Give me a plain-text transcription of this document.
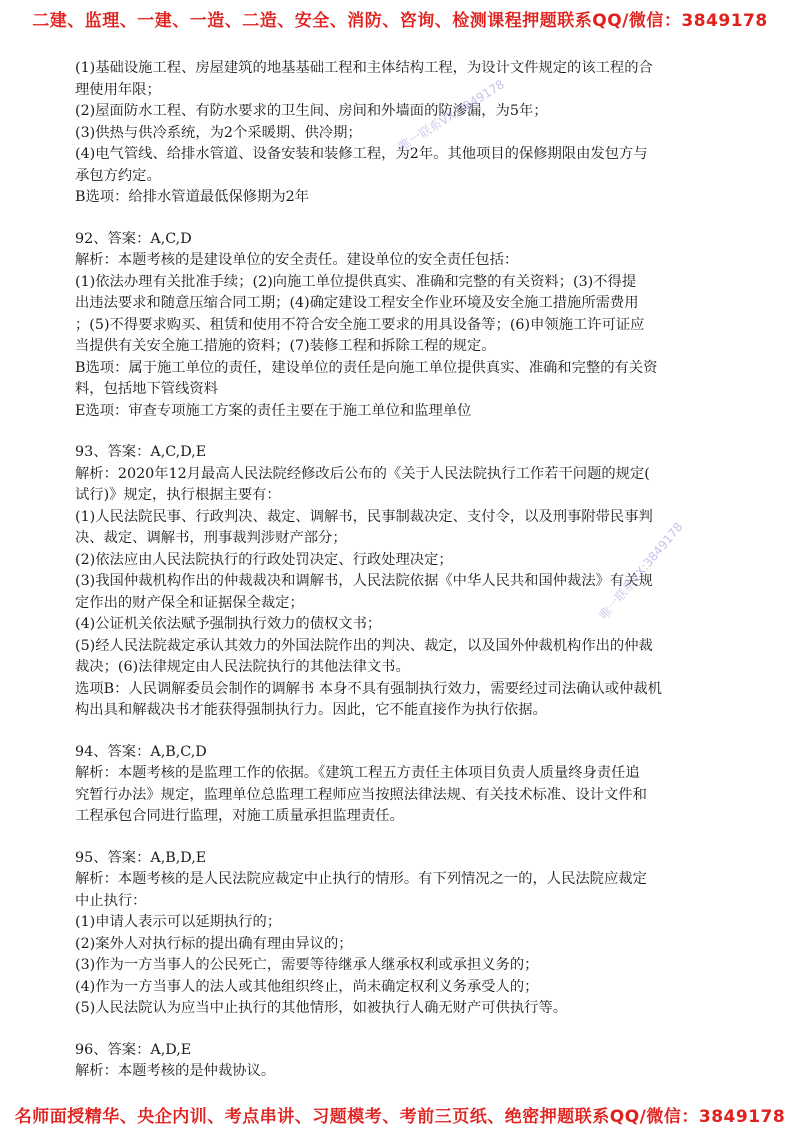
二建、监理、一建、一造、二造、安全、消防、咨询、检测课程押题联系QQ/微信：3849178
(1)基础设施工程、房屋建筑的地基基础工程和主体结构工程，为设计文件规定的该工程的合
理使用年限；
(2)屋面防水工程、有防水要求的卫生间、房间和外墙面的防渗漏，为5年；
(3)供热与供冷系统，为2个采暖期、供冷期；
(4)电气管线、给排水管道、设备安装和装修工程，为2年。其他项目的保修期限由发包方与
承包方约定。
B选项：给排水管道最低保修期为2年
92、答案：A,C,D
解析：本题考核的是建设单位的安全责任。建设单位的安全责任包括：
(1)依法办理有关批准手续；(2)向施工单位提供真实、准确和完整的有关资料；(3)不得提
出违法要求和随意压缩合同工期；(4)确定建设工程安全作业环境及安全施工措施所需费用
；(5)不得要求购买、租赁和使用不符合安全施工要求的用具设备等；(6)申领施工许可证应
当提供有关安全施工措施的资料；(7)装修工程和拆除工程的规定。
B选项：属于施工单位的责任，建设单位的责任是向施工单位提供真实、准确和完整的有关资
料，包括地下管线资料
E选项：审查专项施工方案的责任主要在于施工单位和监理单位
93、答案：A,C,D,E
解析：2020年12月最高人民法院经修改后公布的《关于人民法院执行工作若干问题的规定(
试行)》规定，执行根据主要有：
(1)人民法院民事、行政判决、裁定、调解书，民事制裁决定、支付令，以及刑事附带民事判
决、裁定、调解书，刑事裁判涉财产部分；
(2)依法应由人民法院执行的行政处罚决定、行政处理决定；
(3)我国仲裁机构作出的仲裁裁决和调解书，人民法院依据《中华人民共和国仲裁法》有关规
定作出的财产保全和证据保全裁定；
(4)公证机关依法赋予强制执行效力的债权文书；
(5)经人民法院裁定承认其效力的外国法院作出的判决、裁定，以及国外仲裁机构作出的仲裁
裁决；(6)法律规定由人民法院执行的其他法律文书。
选项B：人民调解委员会制作的调解书 本身不具有强制执行效力，需要经过司法确认或仲裁机
构出具和解裁决书才能获得强制执行力。因此，它不能直接作为执行依据。
94、答案：A,B,C,D
解析：本题考核的是监理工作的依据。《建筑工程五方责任主体项目负责人质量终身责任追
究暂行办法》规定，监理单位总监理工程师应当按照法律法规、有关技术标准、设计文件和
工程承包合同进行监理，对施工质量承担监理责任。
95、答案：A,B,D,E
解析：本题考核的是人民法院应裁定中止执行的情形。有下列情况之一的，人民法院应裁定
中止执行：
(1)申请人表示可以延期执行的；
(2)案外人对执行标的提出确有理由异议的；
(3)作为一方当事人的公民死亡，需要等待继承人继承权利或承担义务的；
(4)作为一方当事人的法人或其他组织终止，尚未确定权利义务承受人的；
(5)人民法院认为应当中止执行的其他情形，如被执行人确无财产可供执行等。
96、答案：A,D,E
解析：本题考核的是仲裁协议。
唯一联系VX:3849178
唯一联系VX:3849178
名师面授精华、央企内训、考点串讲、习题模考、考前三页纸、绝密押题联系QQ/微信：3849178
